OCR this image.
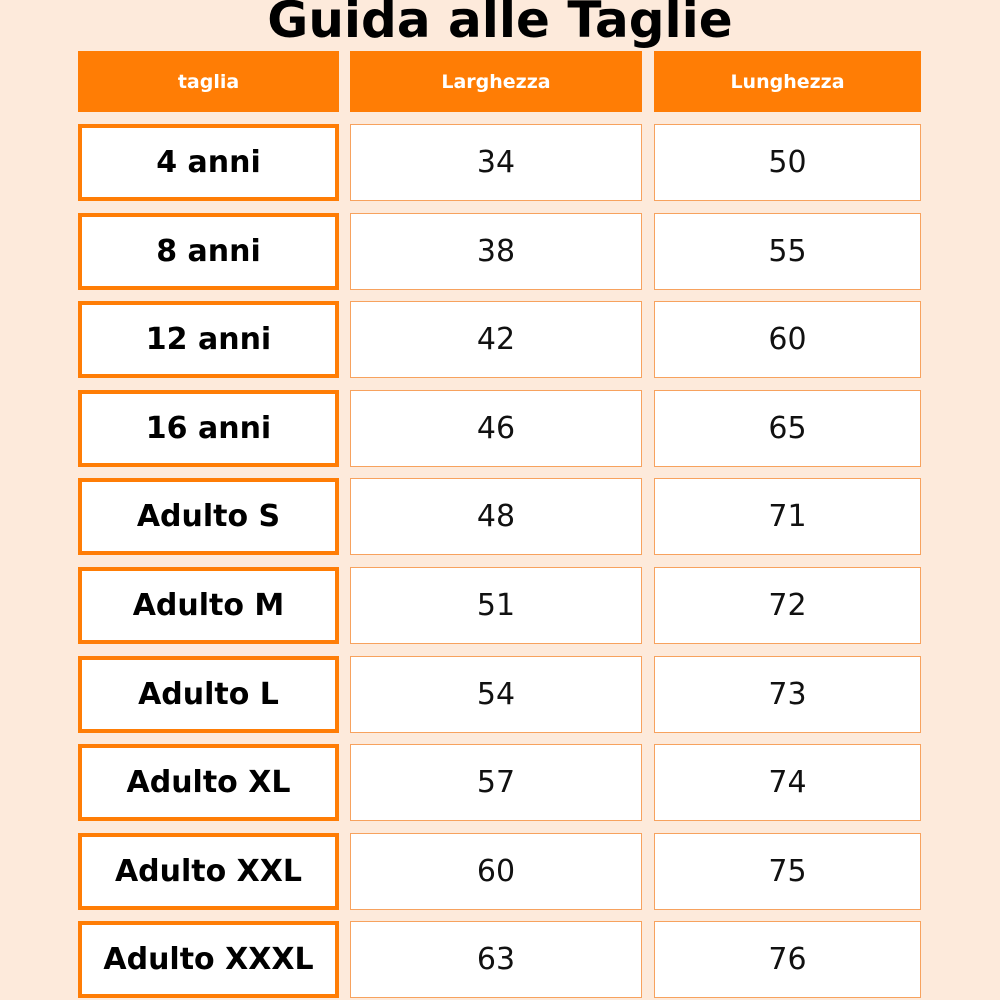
Guida alle Taglie
taglia	Larghezza	Lunghezza
4 anni	34	50
8 anni	38	55
12 anni	42	60
16 anni	46	65
Adulto S	48	71
Adulto M	51	72
Adulto L	54	73
Adulto XL	57	74
Adulto XXL	60	75
Adulto XXXL	63	76
